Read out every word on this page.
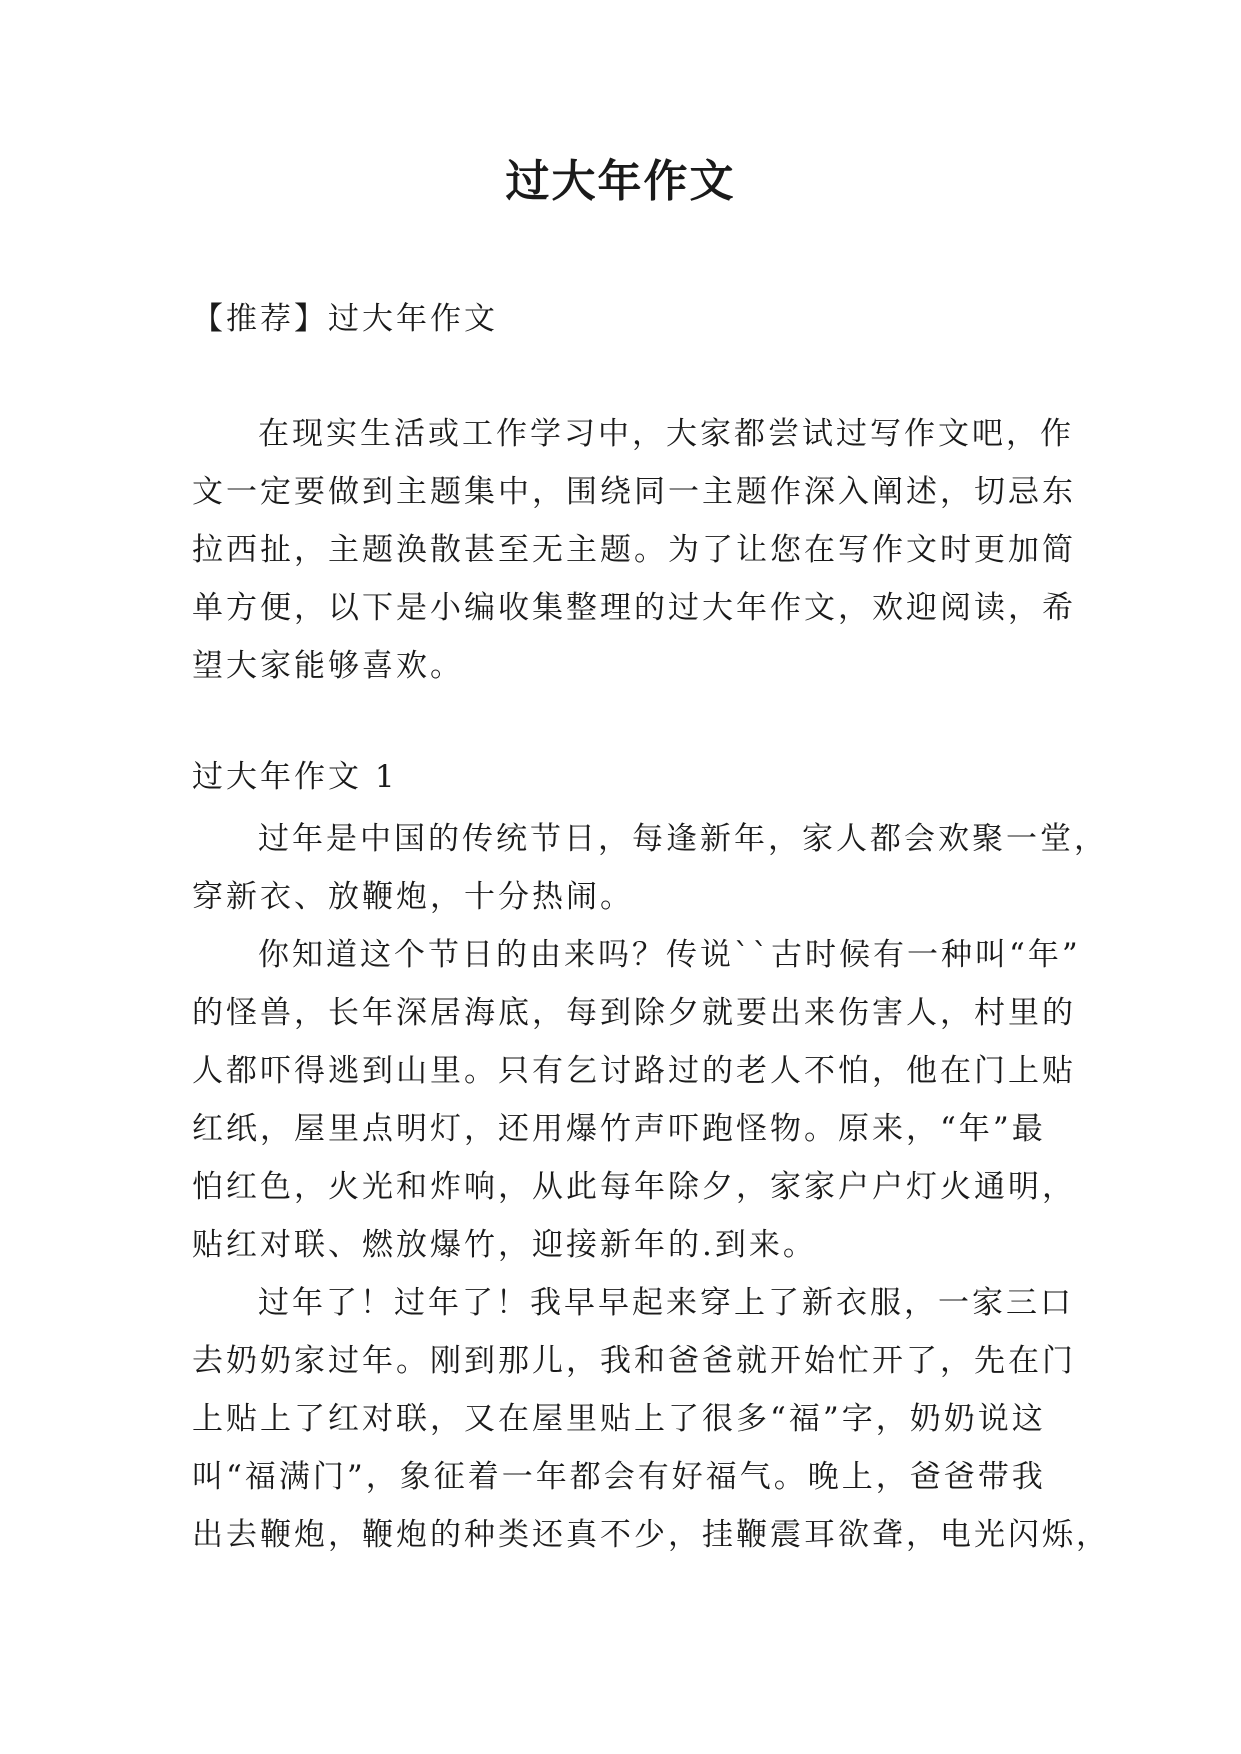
过大年作文
【推荐】过大年作文
在现实生活或工作学习中，大家都尝试过写作文吧，作
文一定要做到主题集中，围绕同一主题作深入阐述，切忌东
拉西扯，主题涣散甚至无主题。为了让您在写作文时更加简
单方便，以下是小编收集整理的过大年作文，欢迎阅读，希
望大家能够喜欢。
过大年作文 1
过年是中国的传统节日，每逢新年，家人都会欢聚一堂，
穿新衣、放鞭炮，十分热闹。
你知道这个节日的由来吗？传说``古时候有一种叫“年”
的怪兽，长年深居海底，每到除夕就要出来伤害人，村里的
人都吓得逃到山里。只有乞讨路过的老人不怕，他在门上贴
红纸，屋里点明灯，还用爆竹声吓跑怪物。原来，“年”最
怕红色，火光和炸响，从此每年除夕，家家户户灯火通明，
贴红对联、燃放爆竹，迎接新年的.到来。
过年了！过年了！我早早起来穿上了新衣服，一家三口
去奶奶家过年。刚到那儿，我和爸爸就开始忙开了，先在门
上贴上了红对联，又在屋里贴上了很多“福”字，奶奶说这
叫“福满门”，象征着一年都会有好福气。晚上，爸爸带我
出去鞭炮，鞭炮的种类还真不少，挂鞭震耳欲聋，电光闪烁，
